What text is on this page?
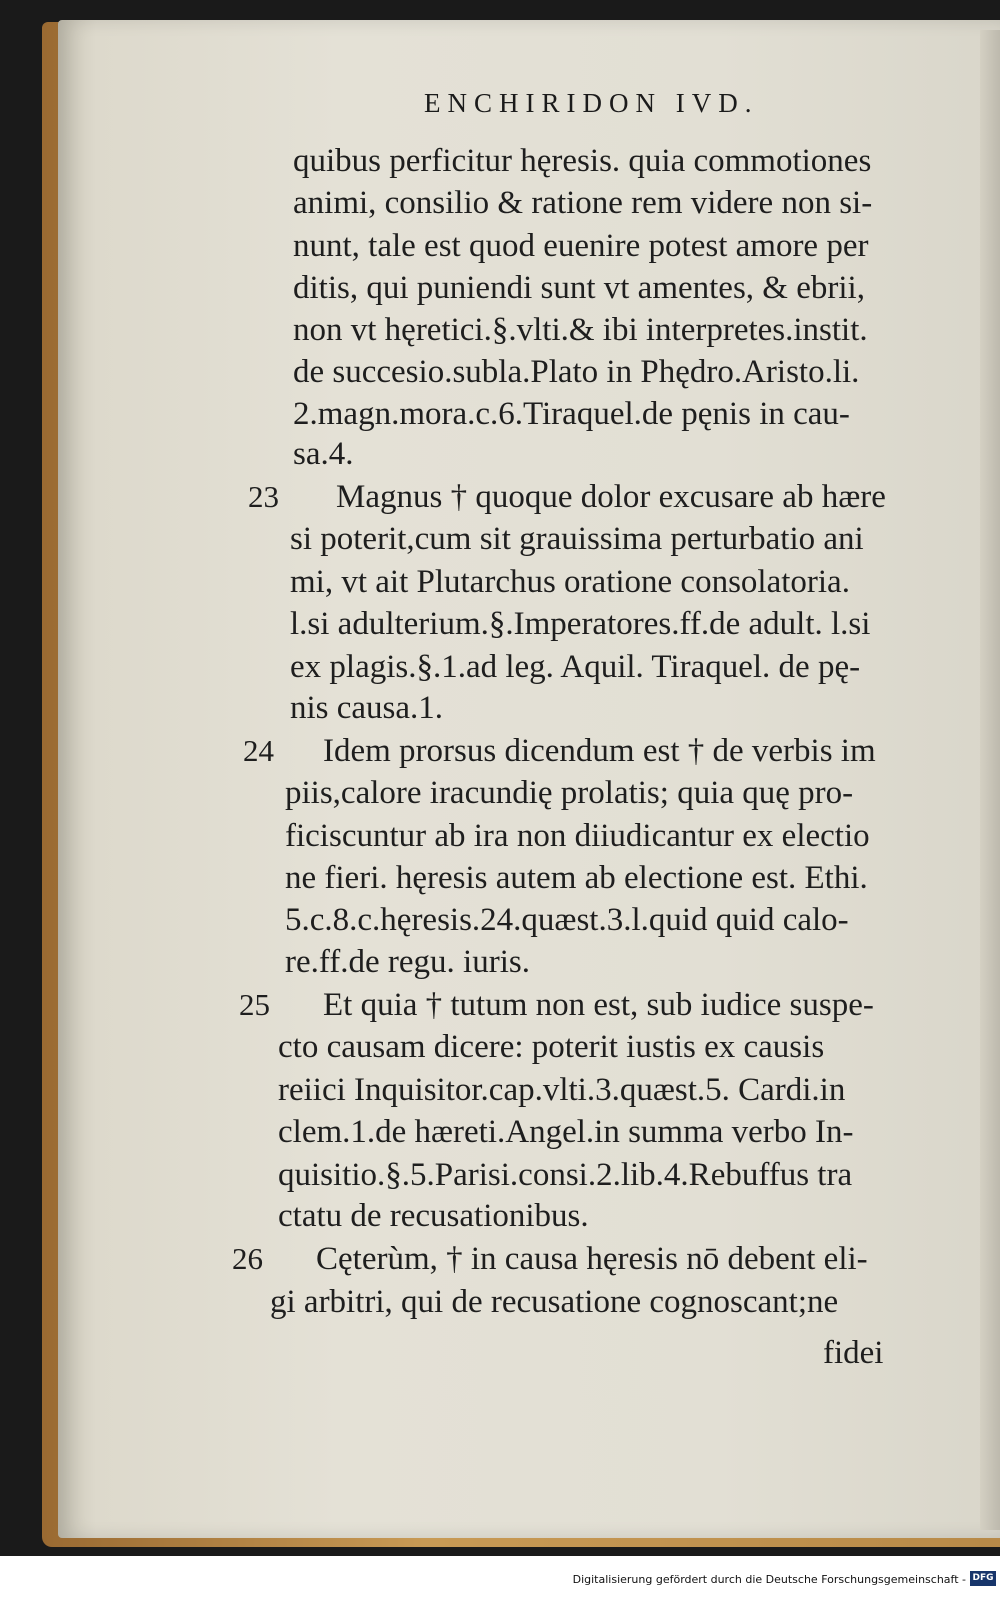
ENCHIRIDON IVD.
quibus perficitur hęresis. quia commotiones
animi, consilio & ratione rem videre non si-
nunt, tale est quod euenire potest amore per
ditis, qui puniendi sunt vt amentes, & ebrii,
non vt hęretici.§.vlti.& ibi interpretes.instit.
de succesio.subla.Plato in Phędro.Aristo.li.
2.magn.mora.c.6.Tiraquel.de pęnis in cau-
sa.4.
23 Magnus † quoque dolor excusare ab hære
si poterit,cum sit grauissima perturbatio ani
mi, vt ait Plutarchus oratione consolatoria.
l.si adulterium.§.Imperatores.ff.de adult. l.si
ex plagis.§.1.ad leg. Aquil. Tiraquel. de pę-
nis causa.1.
24 Idem prorsus dicendum est † de verbis im
piis,calore iracundię prolatis; quia quę pro-
ficiscuntur ab ira non diiudicantur ex electio
ne fieri. hęresis autem ab electione est. Ethi.
5.c.8.c.hęresis.24.quæst.3.l.quid quid calo-
re.ff.de regu. iuris.
25 Et quia † tutum non est, sub iudice suspe-
cto causam dicere: poterit iustis ex causis
reiici Inquisitor.cap.vlti.3.quæst.5. Cardi.in
clem.1.de hæreti.Angel.in summa verbo In-
quisitio.§.5.Parisi.consi.2.lib.4.Rebuffus tra
ctatu de recusationibus.
26 Cęterùm, † in causa hęresis nō debent eli-
gi arbitri, qui de recusatione cognoscant;ne
fidei
Digitalisierung gefördert durch die Deutsche Forschungsgemeinschaft - DFG
